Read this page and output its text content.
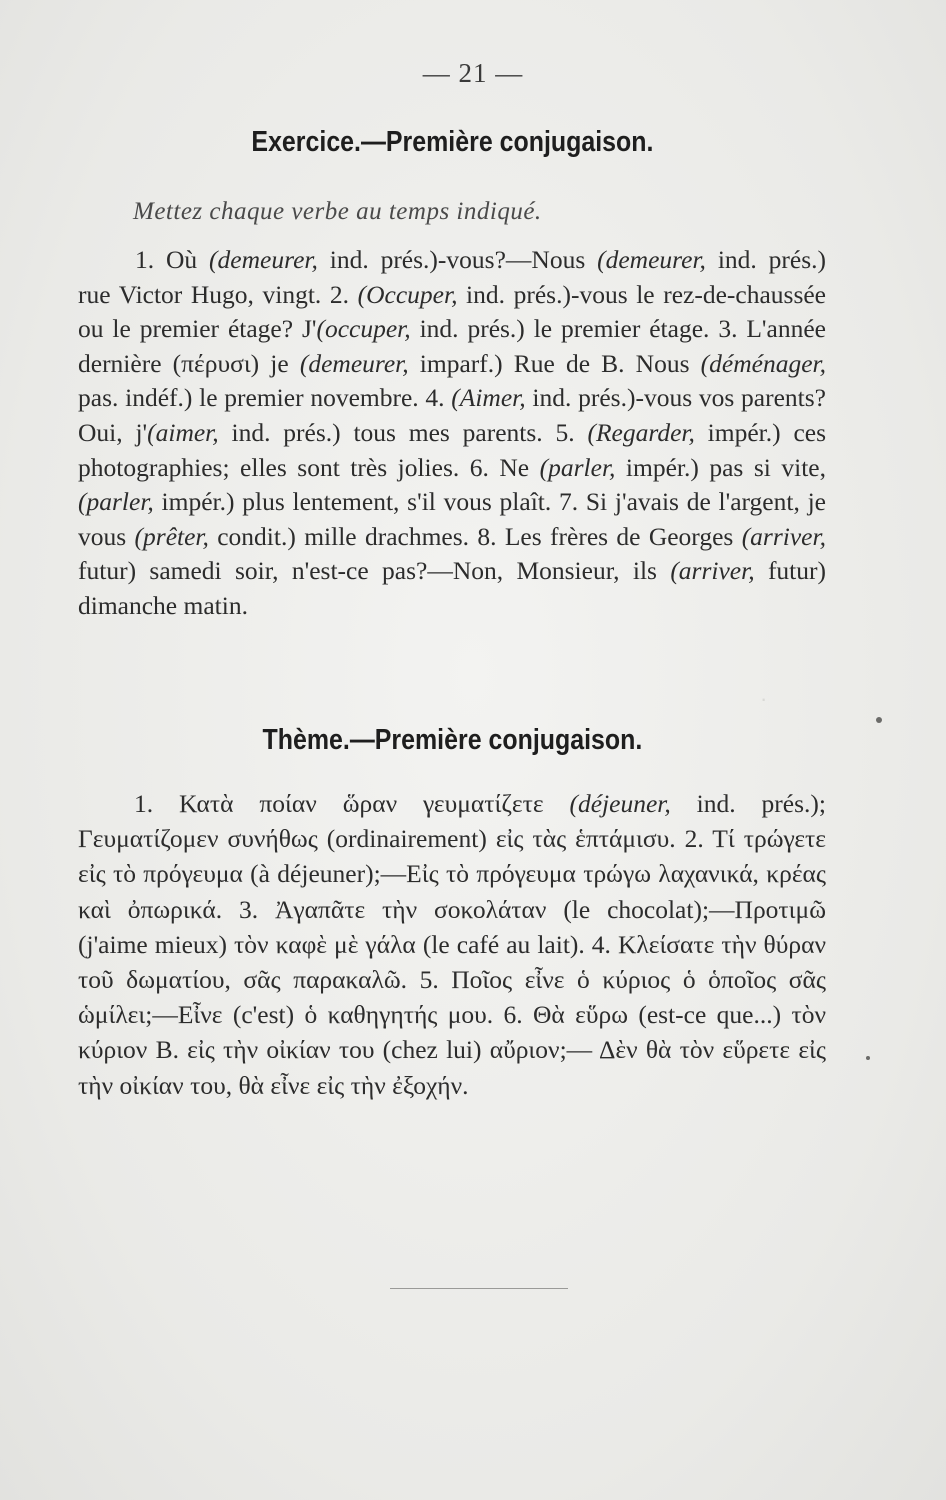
·
— 21 —
Exercice.—Première conjugaison.
Mettez chaque verbe au temps indiqué.

1. Où (demeurer, ind. prés.)-vous?—Nous (demeurer, ind. prés.) rue Victor Hugo, vingt. 2. (Occuper, ind. prés.)-vous le rez-de-chaussée ou le premier étage? J'(occuper, ind. prés.) le premier étage. 3. L'année dernière (πέρυσι) je (demeurer, imparf.) Rue de B. Nous (déménager, pas. indéf.) le premier novembre. 4. (Aimer, ind. prés.)-vous vos parents? Oui, j'(aimer, ind. prés.) tous mes parents. 5. (Regarder, impér.) ces photographies; elles sont très jolies. 6. Ne (parler, impér.) pas si vite, (parler, impér.) plus lentement, s'il vous plaît. 7. Si j'avais de l'argent, je vous (prêter, condit.) mille drachmes. 8. Les frères de Georges (arriver, futur) samedi soir, n'est-ce pas?—Non, Monsieur, ils (arriver, futur) dimanche matin.

Thème.—Première conjugaison.

1. Κατὰ ποίαν ὥραν γευματίζετε (déjeuner, ind. prés.); Γευματίζομεν συνήθως (ordinairement) εἰς τὰς ἑπτάμισυ. 2. Τί τρώγετε εἰς τὸ πρόγευμα (à déjeuner);—Εἰς τὸ πρόγευμα τρώγω λαχανικά, κρέας καὶ ὀπωρικά. 3. Ἀγαπᾶτε τὴν σοκολάταν (le chocolat);—Προτιμῶ (j'aime mieux) τὸν καφὲ μὲ γάλα (le café au lait). 4. Κλείσατε τὴν θύραν τοῦ δωματίου, σᾶς παρακαλῶ. 5. Ποῖος εἶνε ὁ κύριος ὁ ὁποῖος σᾶς ὡμίλει;—Εἶνε (c'est) ὁ καθηγητής μου. 6. Θὰ εὕρω (est-ce que...) τὸν κύριον Β. εἰς τὴν οἰκίαν του (chez lui) αὔριον;— Δὲν θὰ τὸν εὕρετε εἰς τὴν οἰκίαν του, θὰ εἶνε εἰς τὴν ἐξοχήν.
